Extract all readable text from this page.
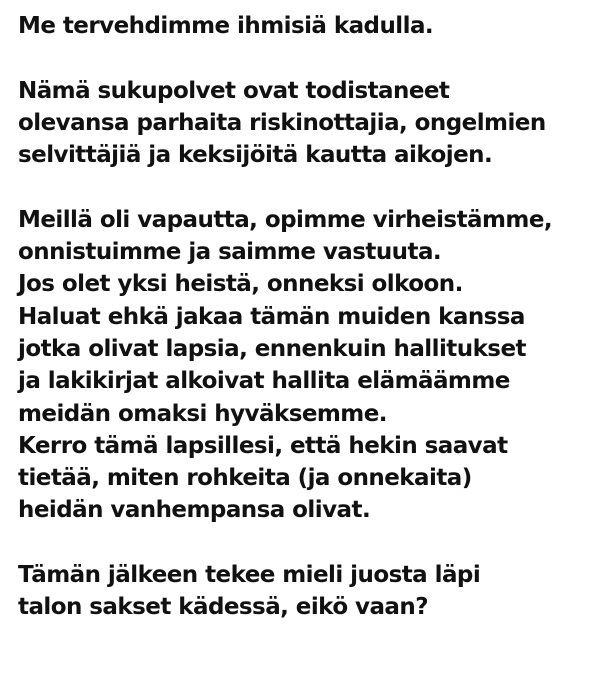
Me tervehdimme ihmisiä kadulla.

Nämä sukupolvet ovat todistaneet
olevansa parhaita riskinottajia, ongelmien
selvittäjiä ja keksijöitä kautta aikojen.

Meillä oli vapautta, opimme virheistämme,
onnistuimme ja saimme vastuuta.
Jos olet yksi heistä, onneksi olkoon.
Haluat ehkä jakaa tämän muiden kanssa
jotka olivat lapsia, ennenkuin hallitukset
ja lakikirjat alkoivat hallita elämäämme
meidän omaksi hyväksemme.
Kerro tämä lapsillesi, että hekin saavat
tietää, miten rohkeita (ja onnekaita)
heidän vanhempansa olivat.

Tämän jälkeen tekee mieli juosta läpi
talon sakset kädessä, eikö vaan?
